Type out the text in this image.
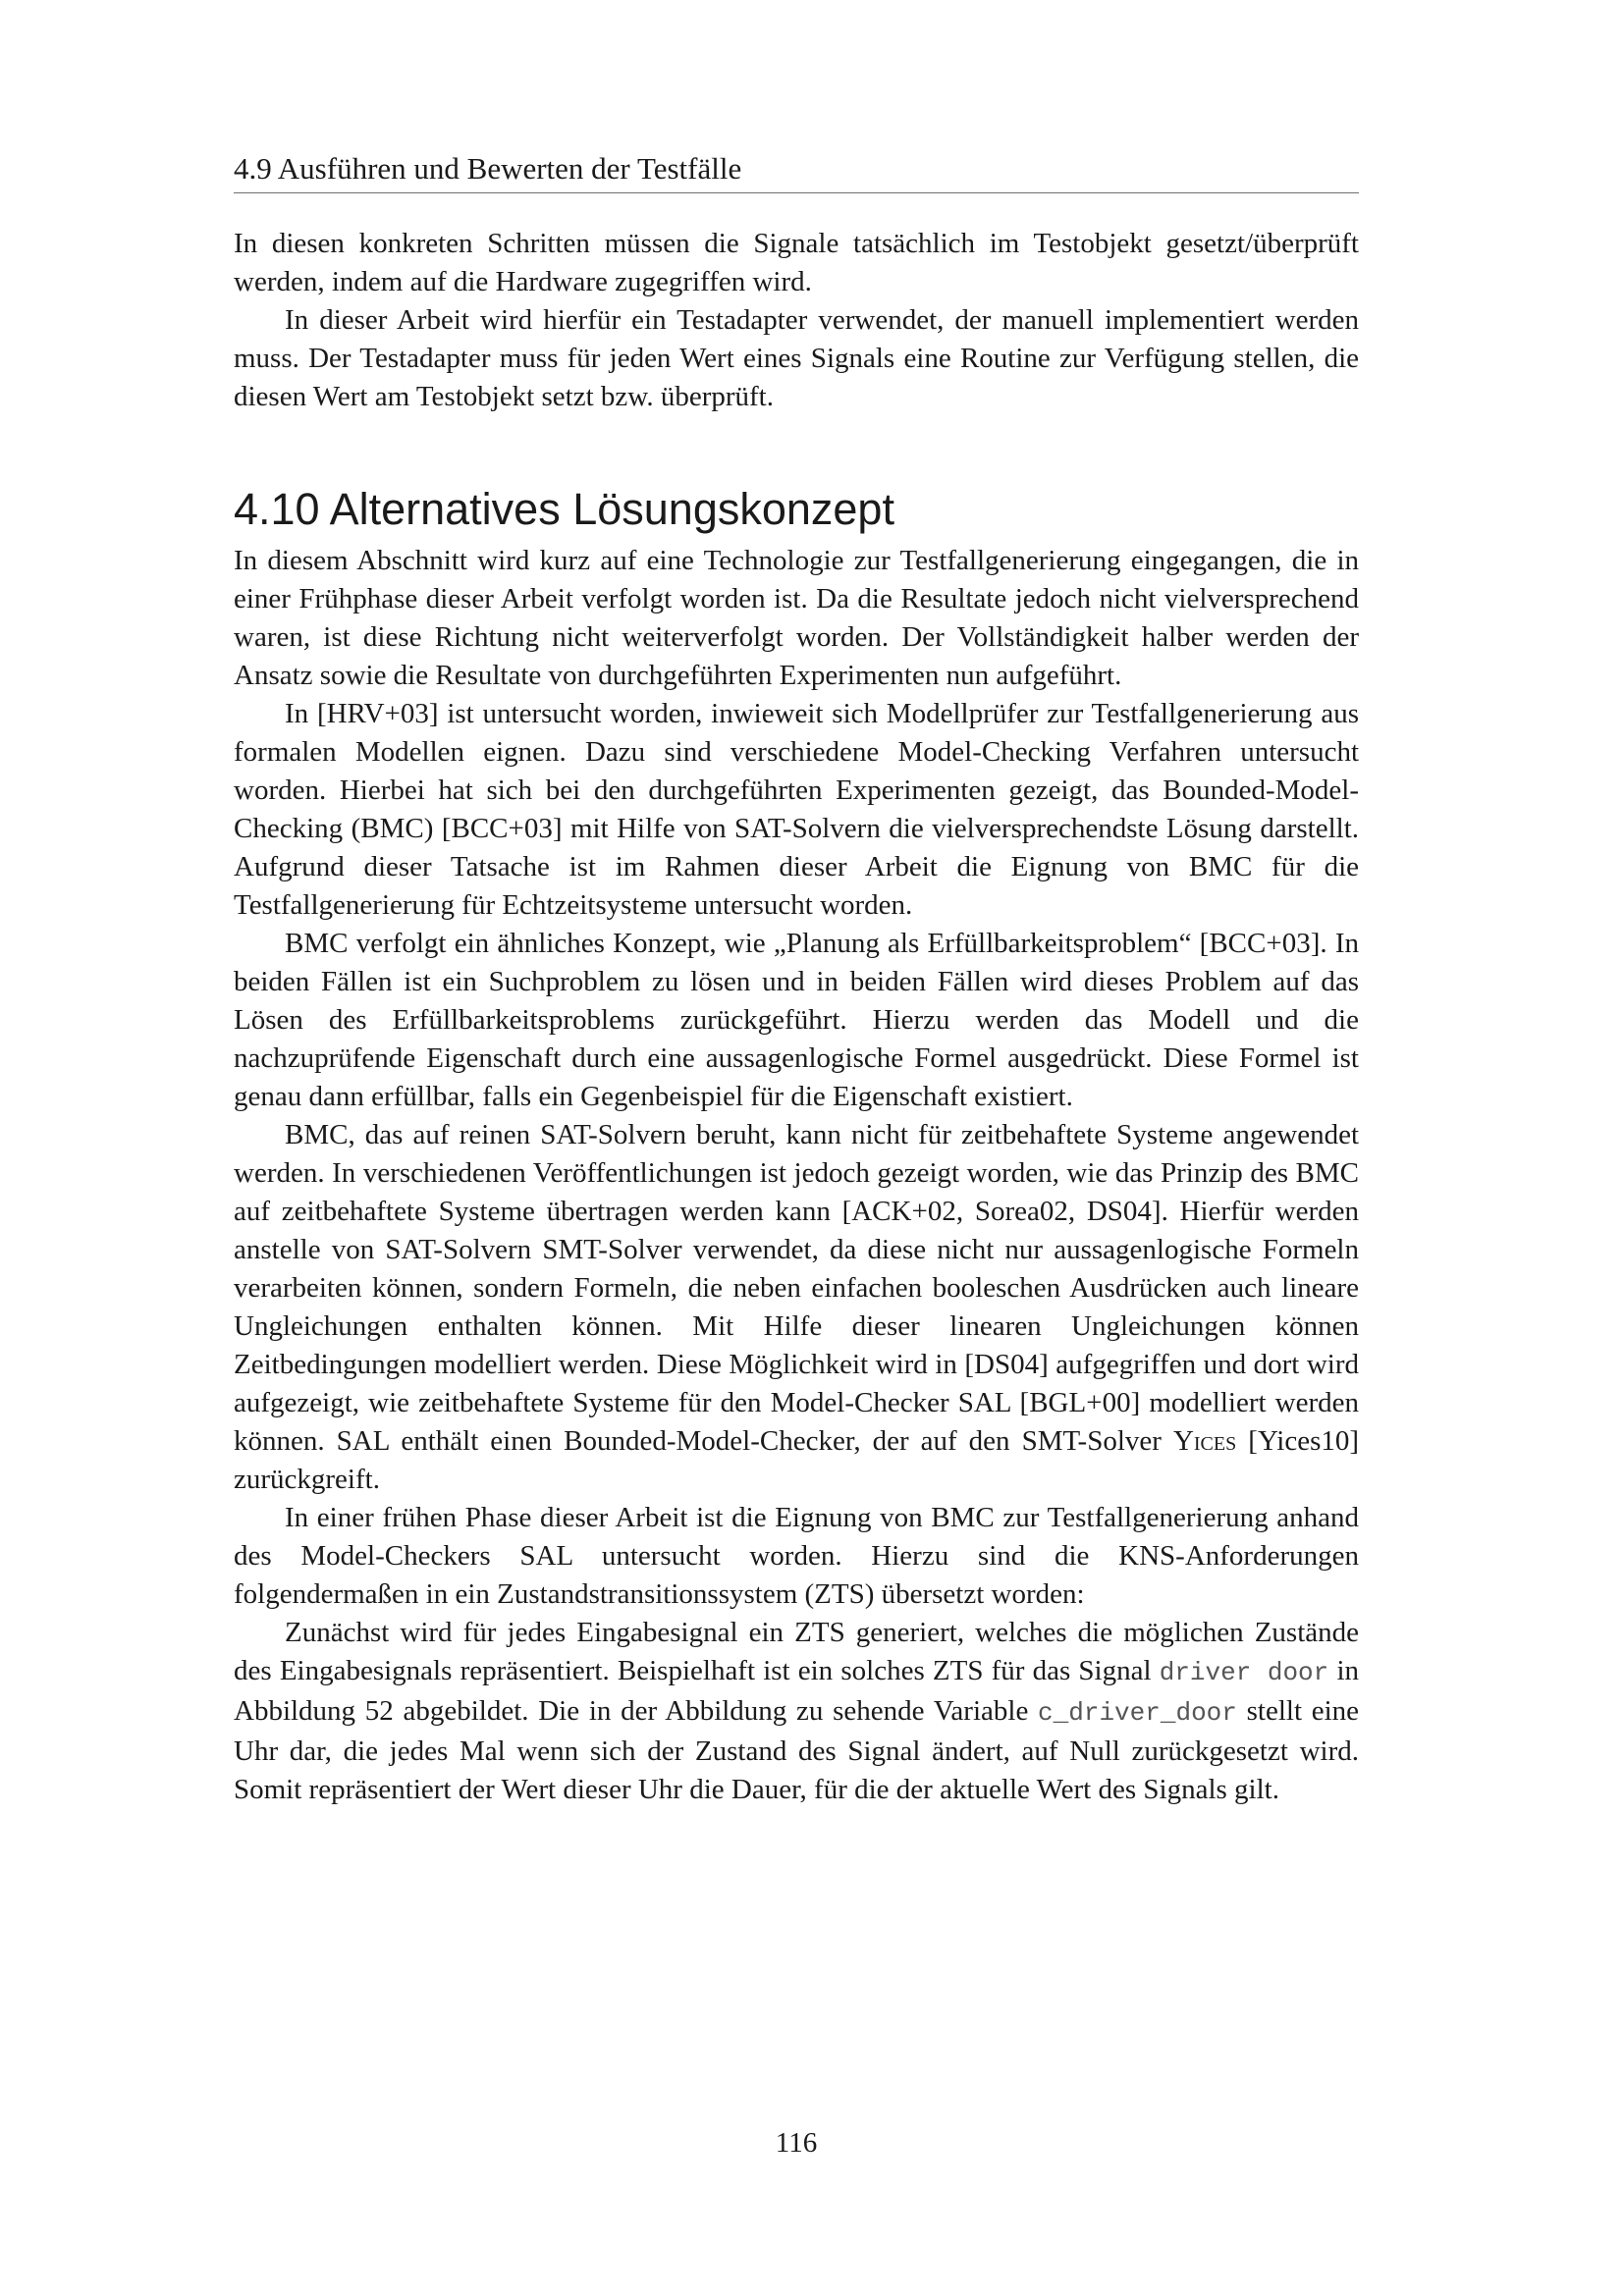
4.9 Ausführen und Bewerten der Testfälle

In diesen konkreten Schritten müssen die Signale tatsächlich im Testobjekt gesetzt/überprüft werden, indem auf die Hardware zugegriffen wird.

In dieser Arbeit wird hierfür ein Testadapter verwendet, der manuell implementiert werden muss. Der Testadapter muss für jeden Wert eines Signals eine Routine zur Verfügung stellen, die diesen Wert am Testobjekt setzt bzw. überprüft.

4.10 Alternatives Lösungskonzept

In diesem Abschnitt wird kurz auf eine Technologie zur Testfallgenerierung eingegangen, die in einer Frühphase dieser Arbeit verfolgt worden ist. Da die Resultate jedoch nicht vielversprechend waren, ist diese Richtung nicht weiterverfolgt worden. Der Vollständigkeit halber werden der Ansatz sowie die Resultate von durchgeführten Experimenten nun aufgeführt.

In [HRV+03] ist untersucht worden, inwieweit sich Modellprüfer zur Testfallgenerierung aus formalen Modellen eignen. Dazu sind verschiedene Model-Checking Verfahren untersucht worden. Hierbei hat sich bei den durchgeführten Experimenten gezeigt, das Bounded-Model-Checking (BMC) [BCC+03] mit Hilfe von SAT-Solvern die vielversprechendste Lösung darstellt. Aufgrund dieser Tatsache ist im Rahmen dieser Arbeit die Eignung von BMC für die Testfallgenerierung für Echtzeitsysteme untersucht worden.

BMC verfolgt ein ähnliches Konzept, wie „Planung als Erfüllbarkeitsproblem“ [BCC+03]. In beiden Fällen ist ein Suchproblem zu lösen und in beiden Fällen wird dieses Problem auf das Lösen des Erfüllbarkeitsproblems zurückgeführt. Hierzu werden das Modell und die nachzuprüfende Eigenschaft durch eine aussagenlogische Formel ausgedrückt. Diese Formel ist genau dann erfüllbar, falls ein Gegenbeispiel für die Eigenschaft existiert.

BMC, das auf reinen SAT-Solvern beruht, kann nicht für zeitbehaftete Systeme angewendet werden. In verschiedenen Veröffentlichungen ist jedoch gezeigt worden, wie das Prinzip des BMC auf zeitbehaftete Systeme übertragen werden kann [ACK+02, Sorea02, DS04]. Hierfür werden anstelle von SAT-Solvern SMT-Solver verwendet, da diese nicht nur aussagenlogische Formeln verarbeiten können, sondern Formeln, die neben einfachen booleschen Ausdrücken auch lineare Ungleichungen enthalten können. Mit Hilfe dieser linearen Ungleichungen können Zeitbedingungen modelliert werden. Diese Möglichkeit wird in [DS04] aufgegriffen und dort wird aufgezeigt, wie zeitbehaftete Systeme für den Model-Checker SAL [BGL+00] modelliert werden können. SAL enthält einen Bounded-Model-Checker, der auf den SMT-Solver Yices [Yices10] zurückgreift.

In einer frühen Phase dieser Arbeit ist die Eignung von BMC zur Testfallgenerierung anhand des Model-Checkers SAL untersucht worden. Hierzu sind die KNS-Anforderungen folgendermaßen in ein Zustandstransitionssystem (ZTS) übersetzt worden:

Zunächst wird für jedes Eingabesignal ein ZTS generiert, welches die möglichen Zustände des Eingabesignals repräsentiert. Beispielhaft ist ein solches ZTS für das Signal driver door in Abbildung 52 abgebildet. Die in der Abbildung zu sehende Variable c_driver_door stellt eine Uhr dar, die jedes Mal wenn sich der Zustand des Signal ändert, auf Null zurückgesetzt wird. Somit repräsentiert der Wert dieser Uhr die Dauer, für die der aktuelle Wert des Signals gilt.

116
